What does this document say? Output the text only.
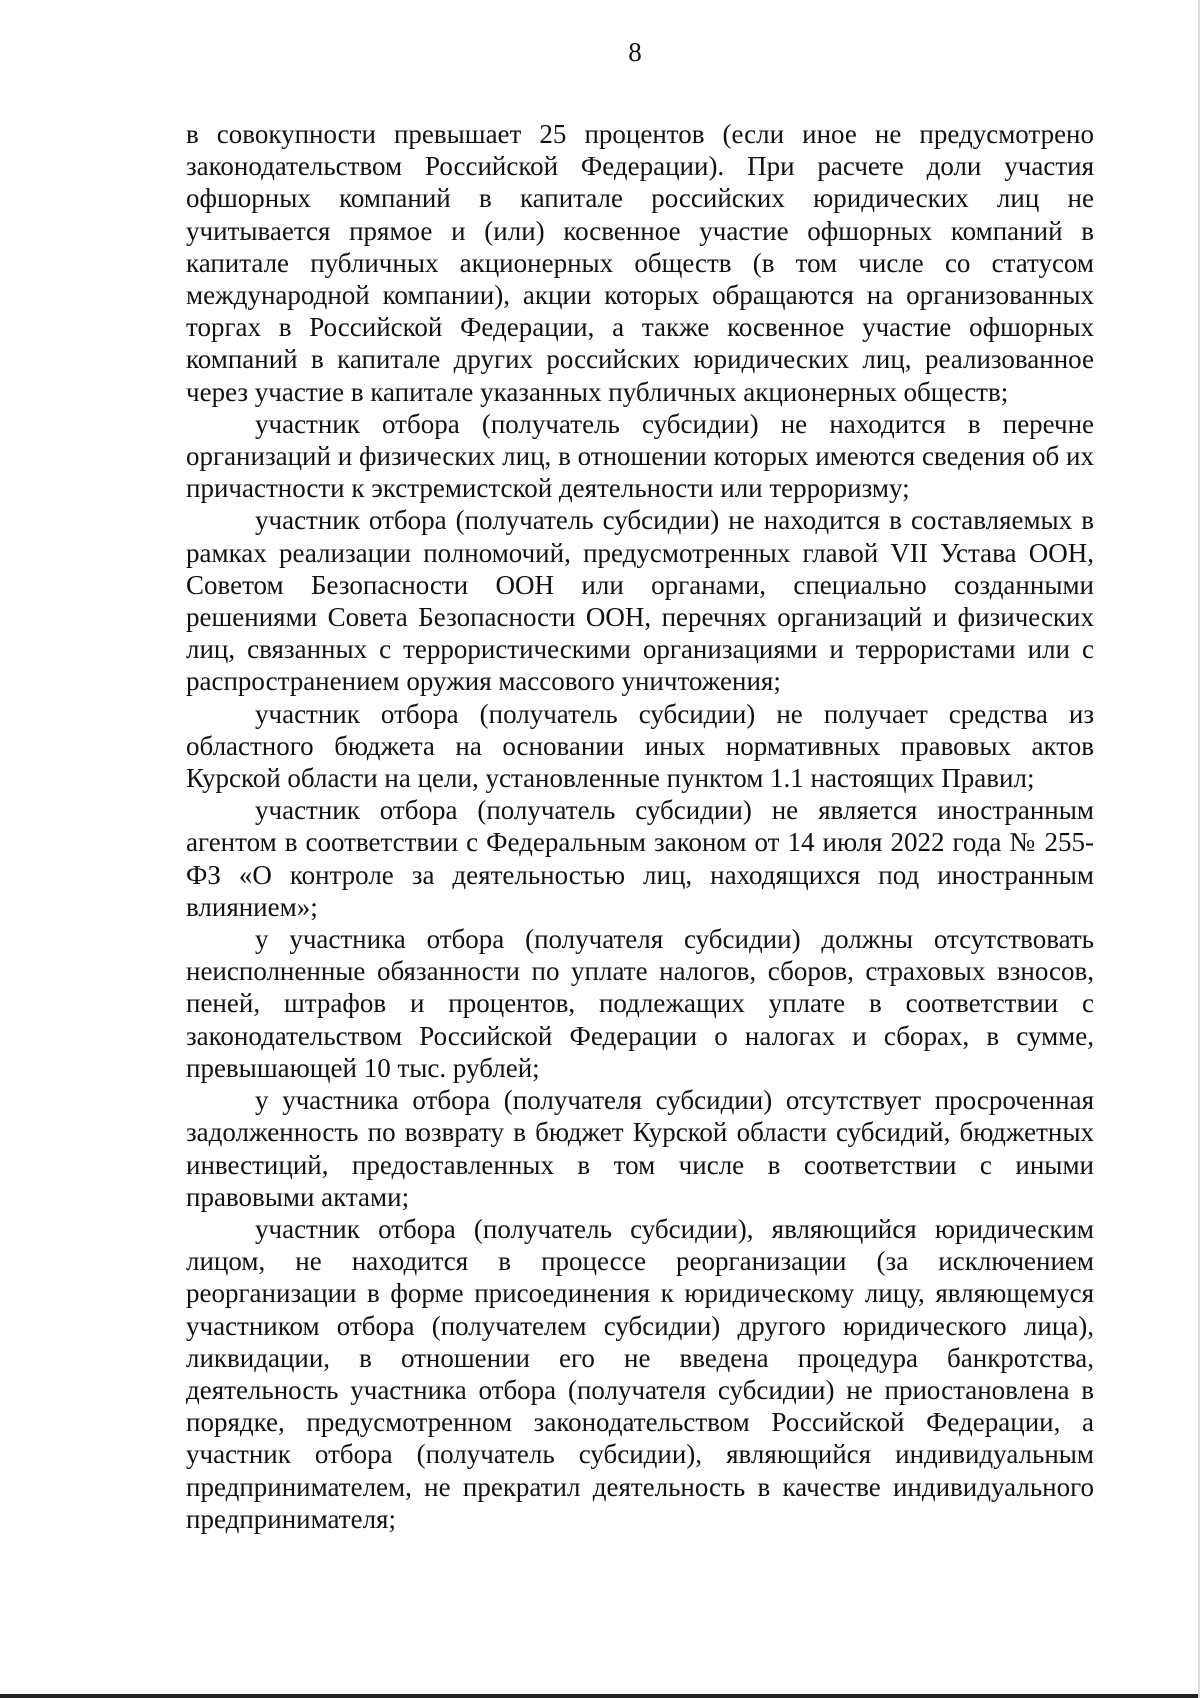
8

в совокупности превышает 25 процентов (если иное не предусмотрено законодательством Российской Федерации). При расчете доли участия офшорных компаний в капитале российских юридических лиц не учитывается прямое и (или) косвенное участие офшорных компаний в капитале публичных акционерных обществ (в том числе со статусом международной компании), акции которых обращаются на организованных торгах в Российской Федерации, а также косвенное участие офшорных компаний в капитале других российских юридических лиц, реализованное через участие в капитале указанных публичных акционерных обществ;

участник отбора (получатель субсидии) не находится в перечне организаций и физических лиц, в отношении которых имеются сведения об их причастности к экстремистской деятельности или терроризму;

участник отбора (получатель субсидии) не находится в составляемых в рамках реализации полномочий, предусмотренных главой VII Устава ООН, Советом Безопасности ООН или органами, специально созданными решениями Совета Безопасности ООН, перечнях организаций и физических лиц, связанных с террористическими организациями и террористами или с распространением оружия массового уничтожения;

участник отбора (получатель субсидии) не получает средства из областного бюджета на основании иных нормативных правовых актов Курской области на цели, установленные пунктом 1.1 настоящих Правил;

участник отбора (получатель субсидии) не является иностранным агентом в соответствии с Федеральным законом от 14 июля 2022 года № 255-ФЗ «О контроле за деятельностью лиц, находящихся под иностранным влиянием»;

у участника отбора (получателя субсидии) должны отсутствовать неисполненные обязанности по уплате налогов, сборов, страховых взносов, пеней, штрафов и процентов, подлежащих уплате в соответствии с законодательством Российской Федерации о налогах и сборах, в сумме, превышающей 10 тыс. рублей;

у участника отбора (получателя субсидии) отсутствует просроченная задолженность по возврату в бюджет Курской области субсидий, бюджетных инвестиций, предоставленных в том числе в соответствии с иными правовыми актами;

участник отбора (получатель субсидии), являющийся юридическим лицом, не находится в процессе реорганизации (за исключением реорганизации в форме присоединения к юридическому лицу, являющемуся участником отбора (получателем субсидии) другого юридического лица), ликвидации, в отношении его не введена процедура банкротства, деятельность участника отбора (получателя субсидии) не приостановлена в порядке, предусмотренном законодательством Российской Федерации, а участник отбора (получатель субсидии), являющийся индивидуальным предпринимателем, не прекратил деятельность в качестве индивидуального предпринимателя;
